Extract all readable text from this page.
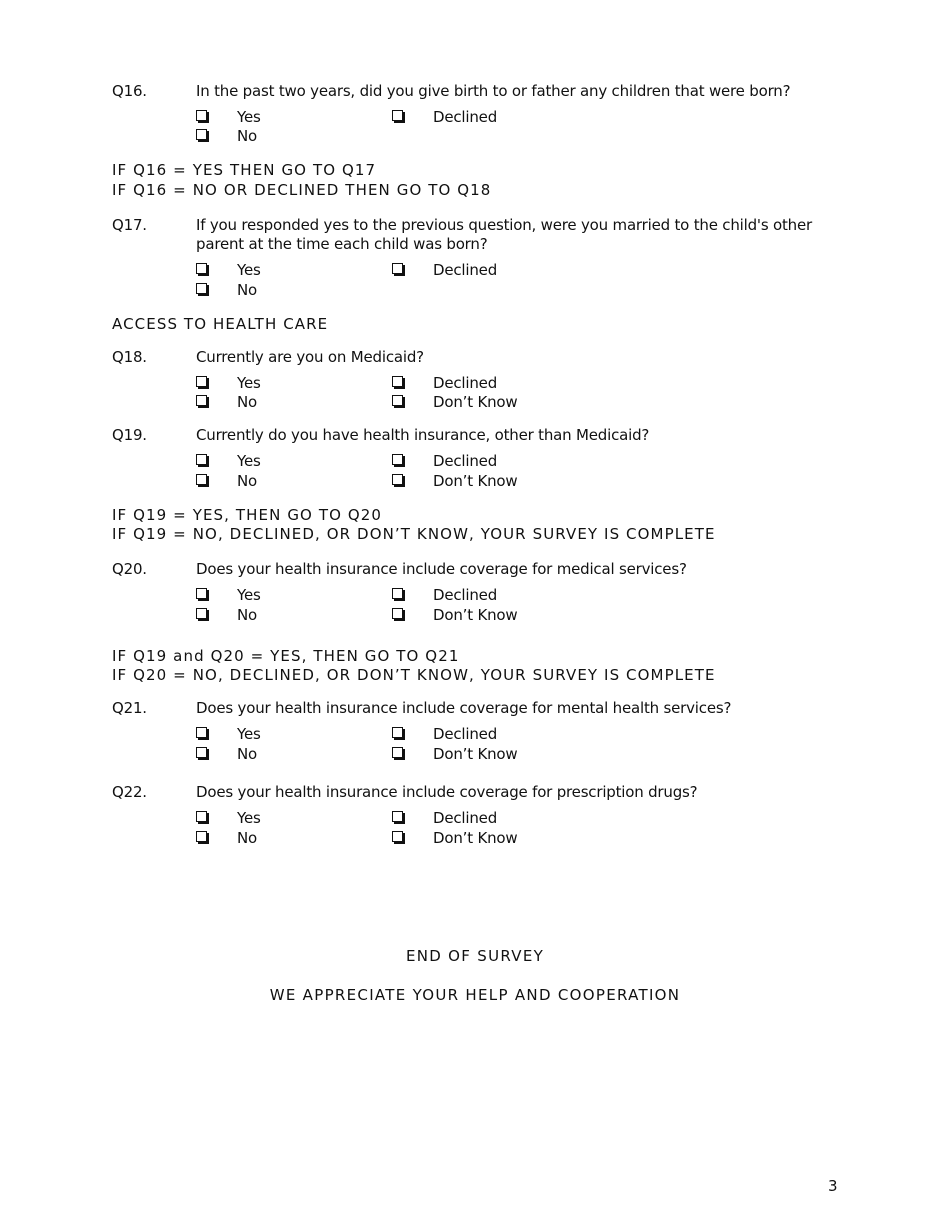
Q16.	In the past two years, did you give birth to or father any children that were born?
Yes	Declined
No
IF Q16 = YES THEN GO TO Q17
IF Q16 = NO OR DECLINED THEN GO TO Q18
Q17.	If you responded yes to the previous question, were you married to the child's other parent at the time each child was born?
Yes	Declined
No
ACCESS TO HEALTH CARE
Q18.	Currently are you on Medicaid?
Yes	Declined
No	Don’t Know
Q19.	Currently do you have health insurance, other than Medicaid?
Yes	Declined
No	Don’t Know
IF Q19 = YES, THEN GO TO Q20
IF Q19 = NO, DECLINED, OR DON’T KNOW, YOUR SURVEY IS COMPLETE
Q20.	Does your health insurance include coverage for medical services?
Yes	Declined
No	Don’t Know
IF Q19 and Q20 = YES, THEN GO TO Q21
IF Q20 = NO, DECLINED, OR DON’T KNOW, YOUR SURVEY IS COMPLETE
Q21.	Does your health insurance include coverage for mental health services?
Yes	Declined
No	Don’t Know
Q22.	Does your health insurance include coverage for prescription drugs?
Yes	Declined
No	Don’t Know
END OF SURVEY
WE APPRECIATE YOUR HELP AND COOPERATION
3
